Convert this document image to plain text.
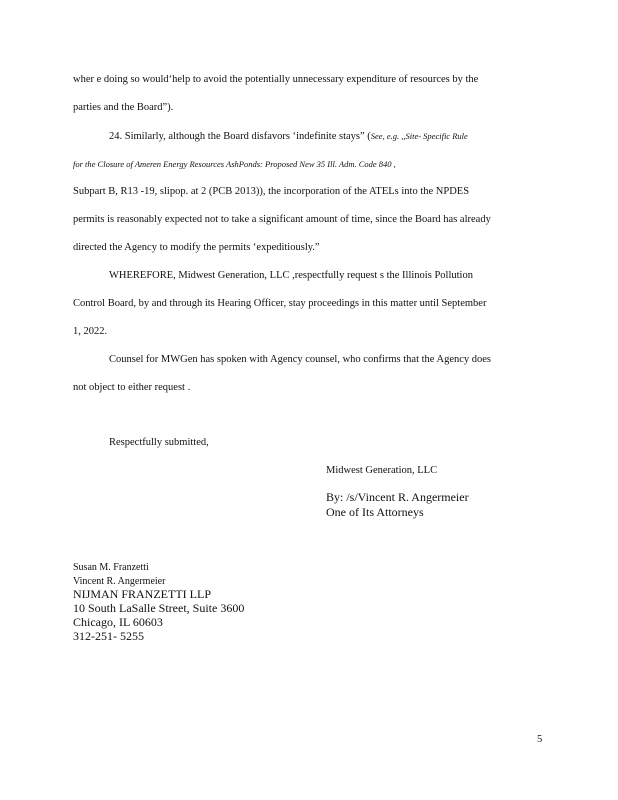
wher e doing so would‘help to avoid the potentially unnecessary expenditure of resources by the
parties and the Board”).
24. Similarly, although the Board disfavors ‘indefinite stays” (See, e.g. ,,Site- Specific Rule
for the Closure of Ameren Energy Resources AshPonds: Proposed New 35 Ill. Adm. Code 840 ,
Subpart B, R13 -19, slipop. at 2 (PCB 2013)), the incorporation of the ATELs into the NPDES
permits is reasonably expected not to take a significant amount of time, since the Board has already
directed the Agency to modify the permits ‘expeditiously.”
WHEREFORE, Midwest Generation, LLC ,respectfully request s the Illinois Pollution
Control Board, by and through its Hearing Officer, stay proceedings in this matter until September
1, 2022.
Counsel for MWGen has spoken with Agency counsel, who confirms that the Agency does
not object to either request .
Respectfully submitted,
Midwest Generation, LLC
By: /s/Vincent R. Angermeier
One of Its Attorneys
Susan M. Franzetti
Vincent R. Angermeier
NIJMAN FRANZETTI LLP
10 South LaSalle Street, Suite 3600
Chicago, IL 60603
312-251- 5255
5
